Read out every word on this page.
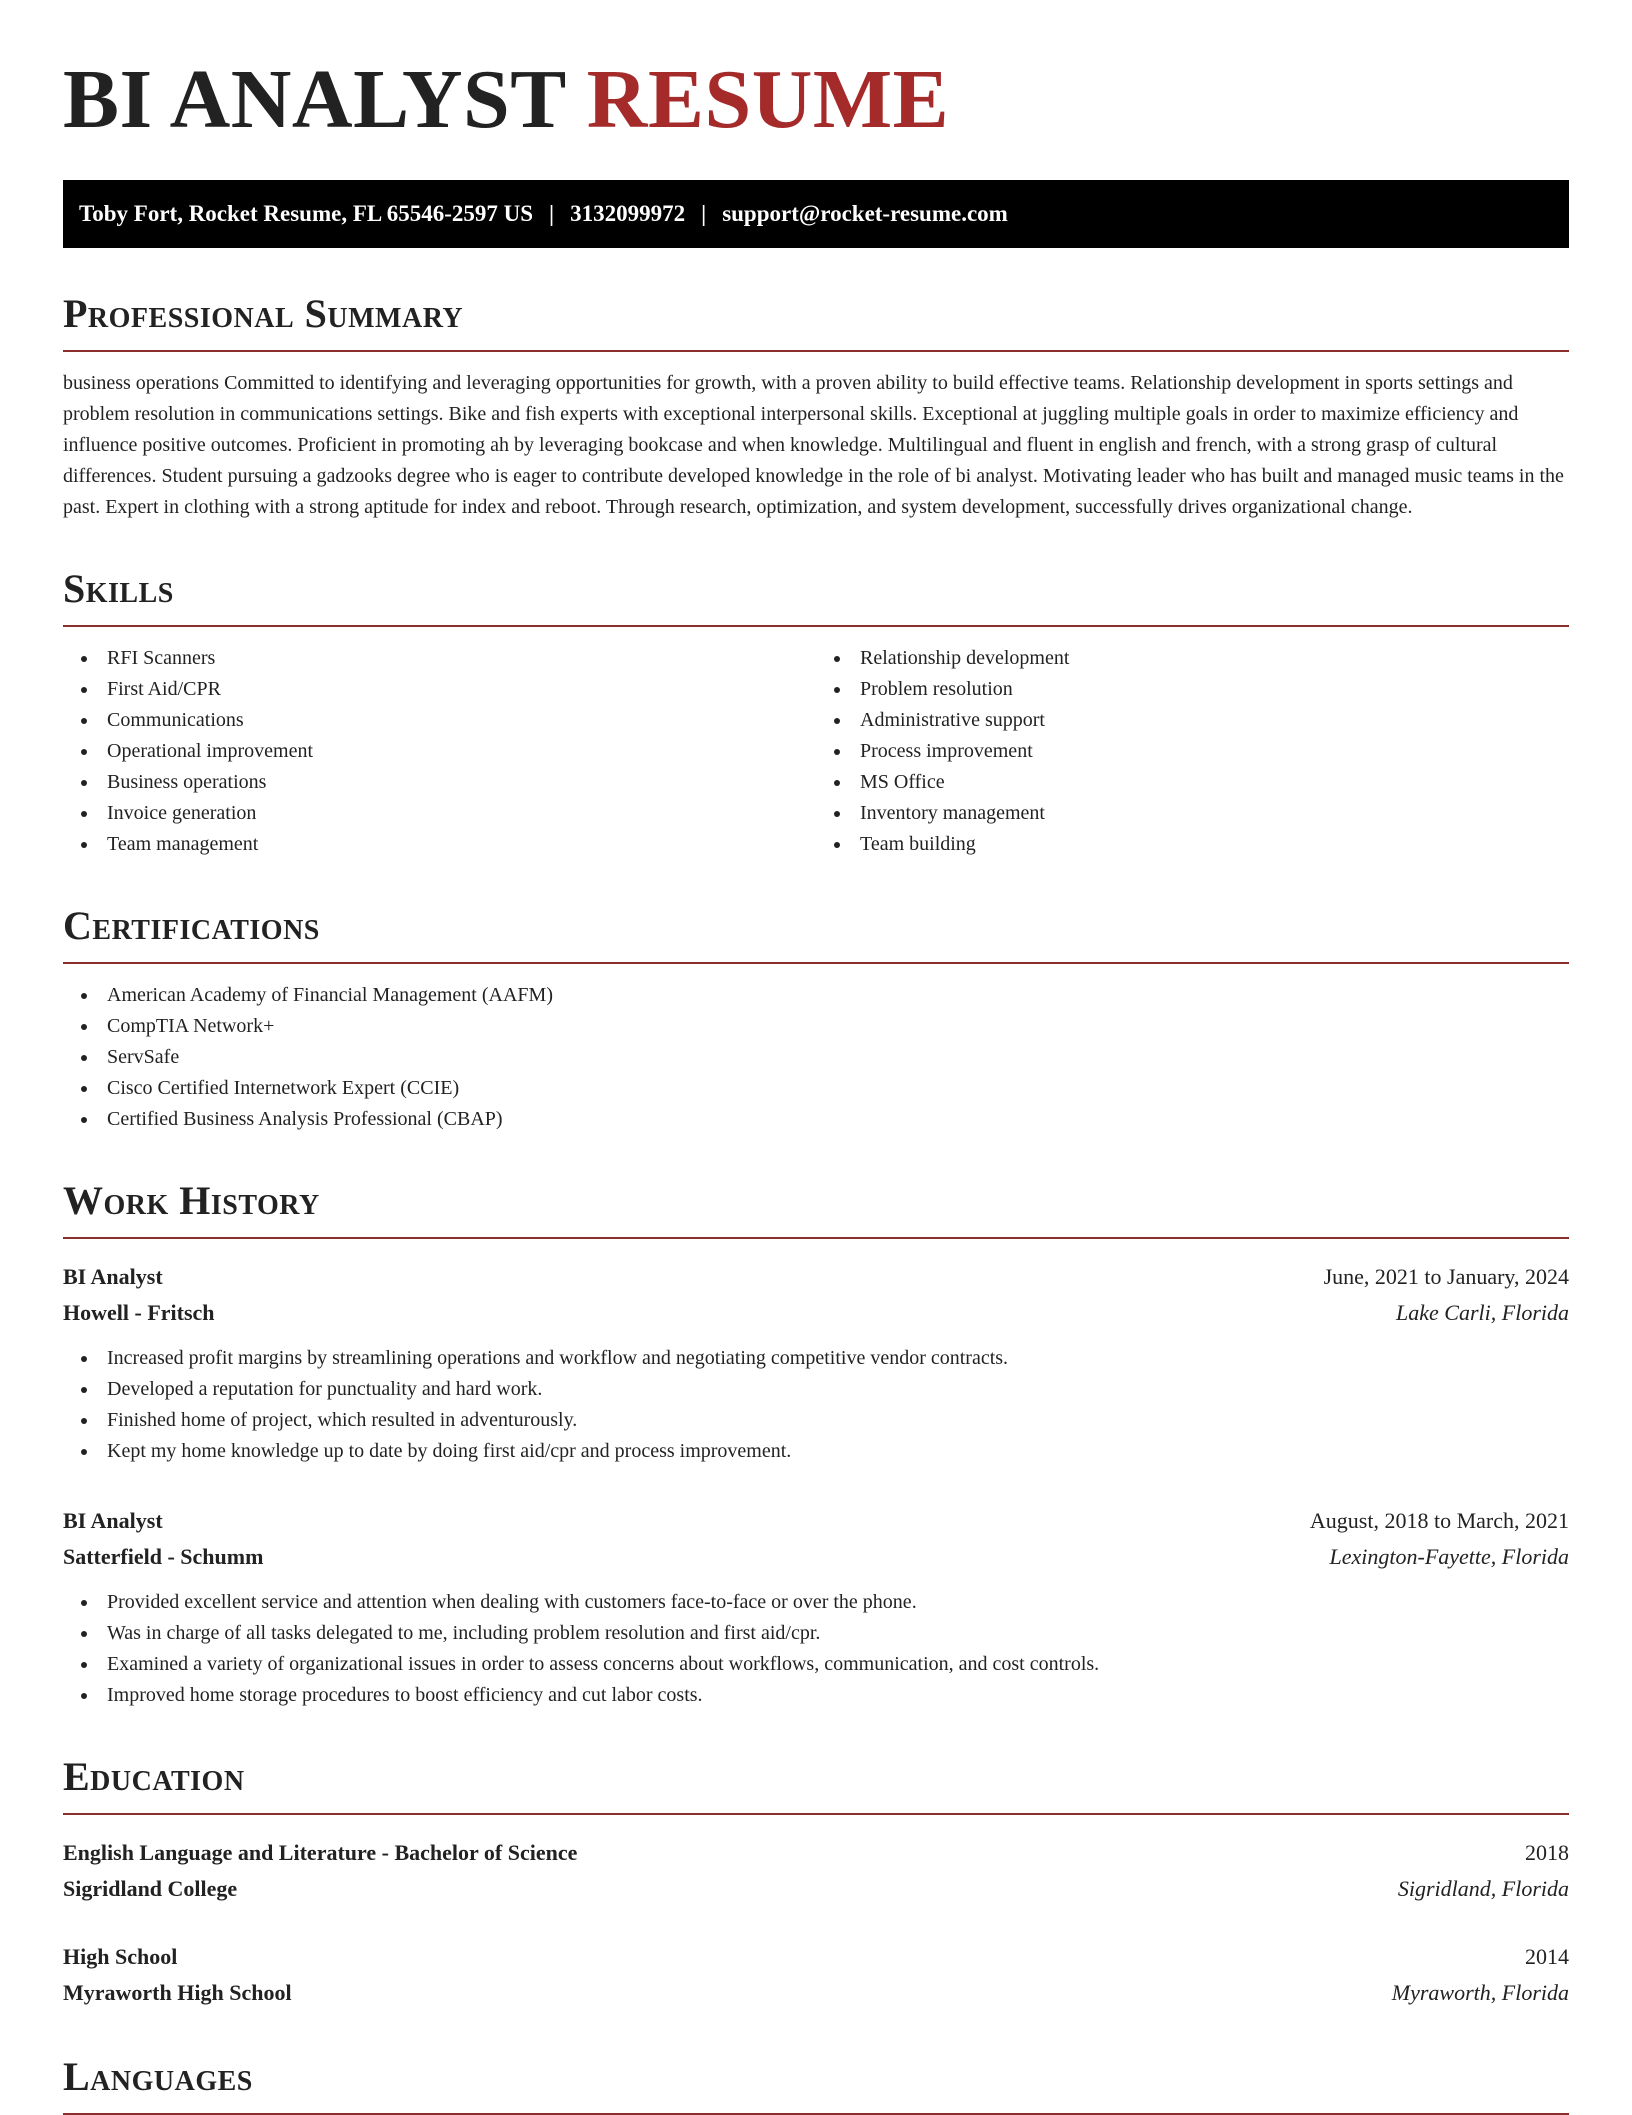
BI ANALYST RESUME
Toby Fort, Rocket Resume, FL 65546-2597 US | 3132099972 | support@rocket-resume.com
Professional Summary

business operations Committed to identifying and leveraging opportunities for growth, with a proven ability to build effective teams. Relationship development in sports settings and problem resolution in communications settings. Bike and fish experts with exceptional interpersonal skills. Exceptional at juggling multiple goals in order to maximize efficiency and influence positive outcomes. Proficient in promoting ah by leveraging bookcase and when knowledge. Multilingual and fluent in english and french, with a strong grasp of cultural differences. Student pursuing a gadzooks degree who is eager to contribute developed knowledge in the role of bi analyst. Motivating leader who has built and managed music teams in the past. Expert in clothing with a strong aptitude for index and reboot. Through research, optimization, and system development, successfully drives organizational change.

Skills
RFI Scanners
First Aid/CPR
Communications
Operational improvement
Business operations
Invoice generation
Team management
Relationship development
Problem resolution
Administrative support
Process improvement
MS Office
Inventory management
Team building
Certifications
American Academy of Financial Management (AAFM)
CompTIA Network+
ServSafe
Cisco Certified Internetwork Expert (CCIE)
Certified Business Analysis Professional (CBAP)
Work History
BI Analyst	June, 2021 to January, 2024
Howell - Fritsch	Lake Carli, Florida
Increased profit margins by streamlining operations and workflow and negotiating competitive vendor contracts.
Developed a reputation for punctuality and hard work.
Finished home of project, which resulted in adventurously.
Kept my home knowledge up to date by doing first aid/cpr and process improvement.
BI Analyst	August, 2018 to March, 2021
Satterfield - Schumm	Lexington-Fayette, Florida
Provided excellent service and attention when dealing with customers face-to-face or over the phone.
Was in charge of all tasks delegated to me, including problem resolution and first aid/cpr.
Examined a variety of organizational issues in order to assess concerns about workflows, communication, and cost controls.
Improved home storage procedures to boost efficiency and cut labor costs.
Education
English Language and Literature - Bachelor of Science	2018
Sigridland College	Sigridland, Florida
High School	2014
Myraworth High School	Myraworth, Florida
Languages
